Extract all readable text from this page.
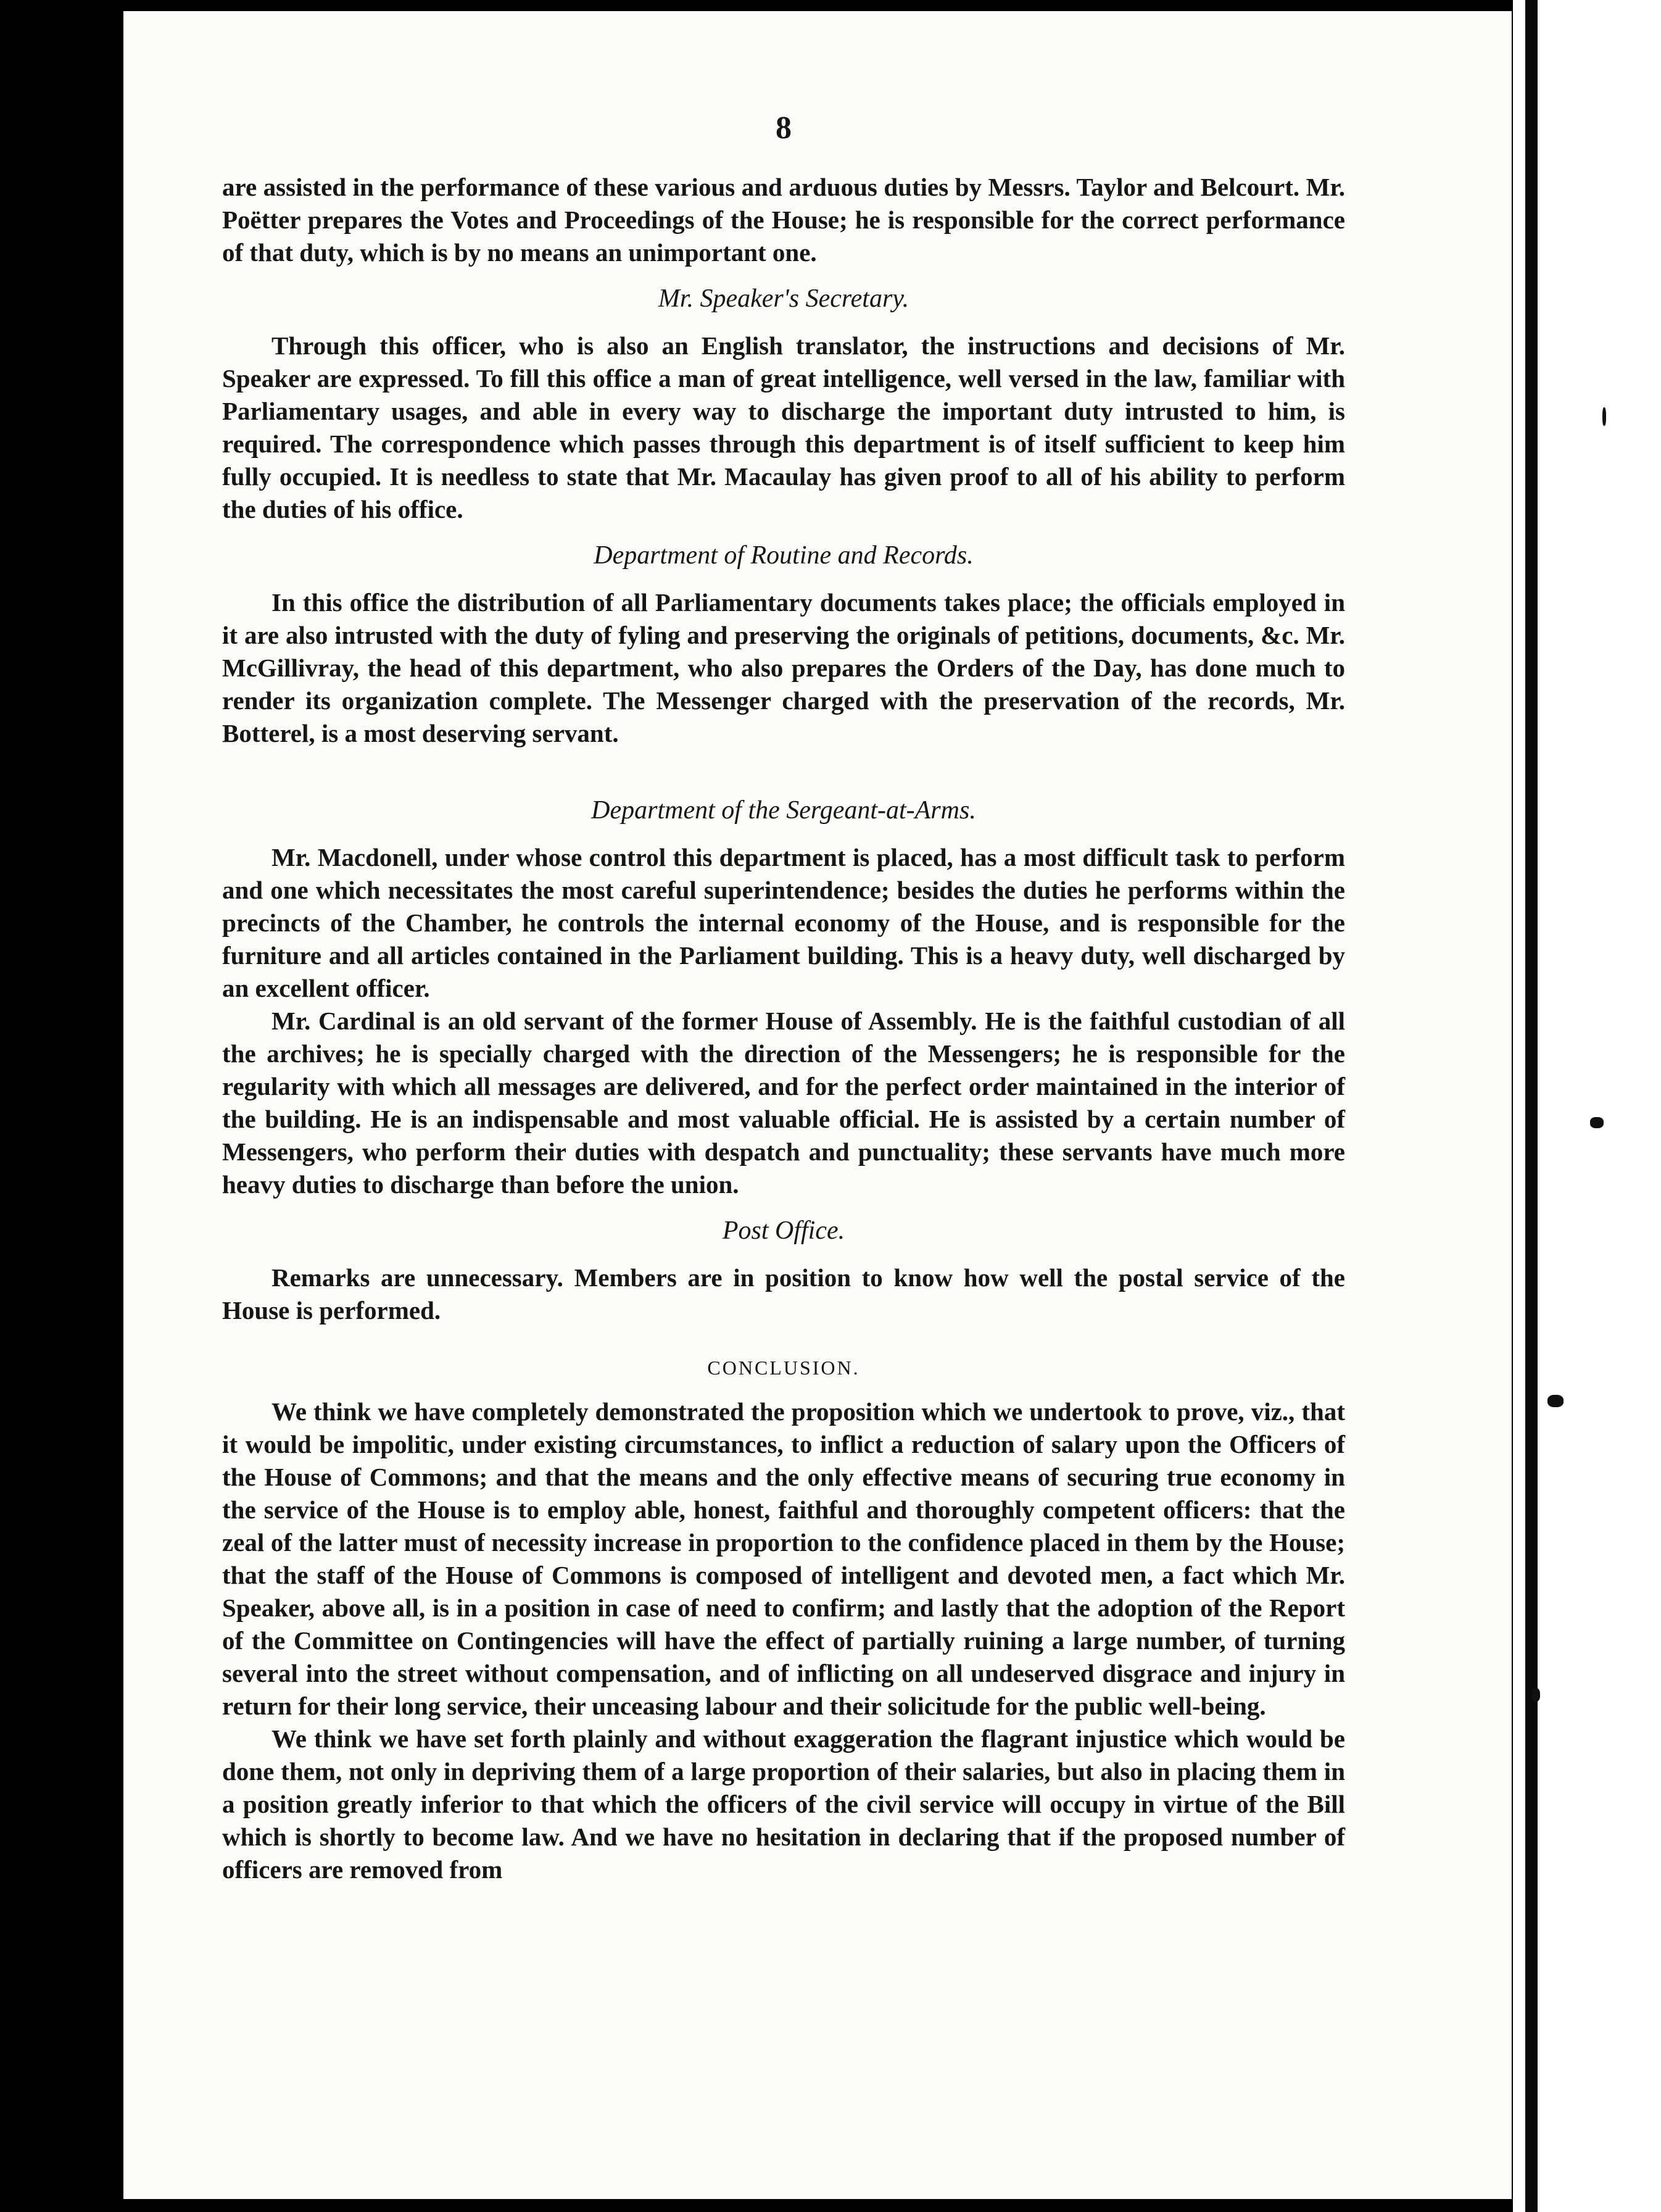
8

are assisted in the performance of these various and arduous duties by Messrs. Taylor and Belcourt. Mr. Poëtter prepares the Votes and Proceedings of the House; he is responsible for the correct performance of that duty, which is by no means an unimportant one.

Mr. Speaker's Secretary.

Through this officer, who is also an English translator, the instructions and decisions of Mr. Speaker are expressed. To fill this office a man of great intelligence, well versed in the law, familiar with Parliamentary usages, and able in every way to discharge the important duty intrusted to him, is required. The correspondence which passes through this department is of itself sufficient to keep him fully occupied. It is needless to state that Mr. Macaulay has given proof to all of his ability to perform the duties of his office.

Department of Routine and Records.

In this office the distribution of all Parliamentary documents takes place; the officials employed in it are also intrusted with the duty of fyling and preserving the originals of petitions, documents, &c. Mr. McGillivray, the head of this department, who also prepares the Orders of the Day, has done much to render its organization complete. The Messenger charged with the preservation of the records, Mr. Botterel, is a most deserving servant.

Department of the Sergeant-at-Arms.

Mr. Macdonell, under whose control this department is placed, has a most difficult task to perform and one which necessitates the most careful superintendence; besides the duties he performs within the precincts of the Chamber, he controls the internal economy of the House, and is responsible for the furniture and all articles contained in the Parliament building. This is a heavy duty, well discharged by an excellent officer.

Mr. Cardinal is an old servant of the former House of Assembly. He is the faithful custodian of all the archives; he is specially charged with the direction of the Messengers; he is responsible for the regularity with which all messages are delivered, and for the perfect order maintained in the interior of the building. He is an indispensable and most valuable official. He is assisted by a certain number of Messengers, who perform their duties with despatch and punctuality; these servants have much more heavy duties to discharge than before the union.

Post Office.

Remarks are unnecessary. Members are in position to know how well the postal service of the House is performed.

CONCLUSION.

We think we have completely demonstrated the proposition which we undertook to prove, viz., that it would be impolitic, under existing circumstances, to inflict a reduction of salary upon the Officers of the House of Commons; and that the means and the only effective means of securing true economy in the service of the House is to employ able, honest, faithful and thoroughly competent officers: that the zeal of the latter must of necessity increase in proportion to the confidence placed in them by the House; that the staff of the House of Commons is composed of intelligent and devoted men, a fact which Mr. Speaker, above all, is in a position in case of need to confirm; and lastly that the adoption of the Report of the Committee on Contingencies will have the effect of partially ruining a large number, of turning several into the street without compensation, and of inflicting on all undeserved disgrace and injury in return for their long service, their unceasing labour and their solicitude for the public well-being.

We think we have set forth plainly and without exaggeration the flagrant injustice which would be done them, not only in depriving them of a large proportion of their salaries, but also in placing them in a position greatly inferior to that which the officers of the civil service will occupy in virtue of the Bill which is shortly to become law. And we have no hesitation in declaring that if the proposed number of officers are removed from
